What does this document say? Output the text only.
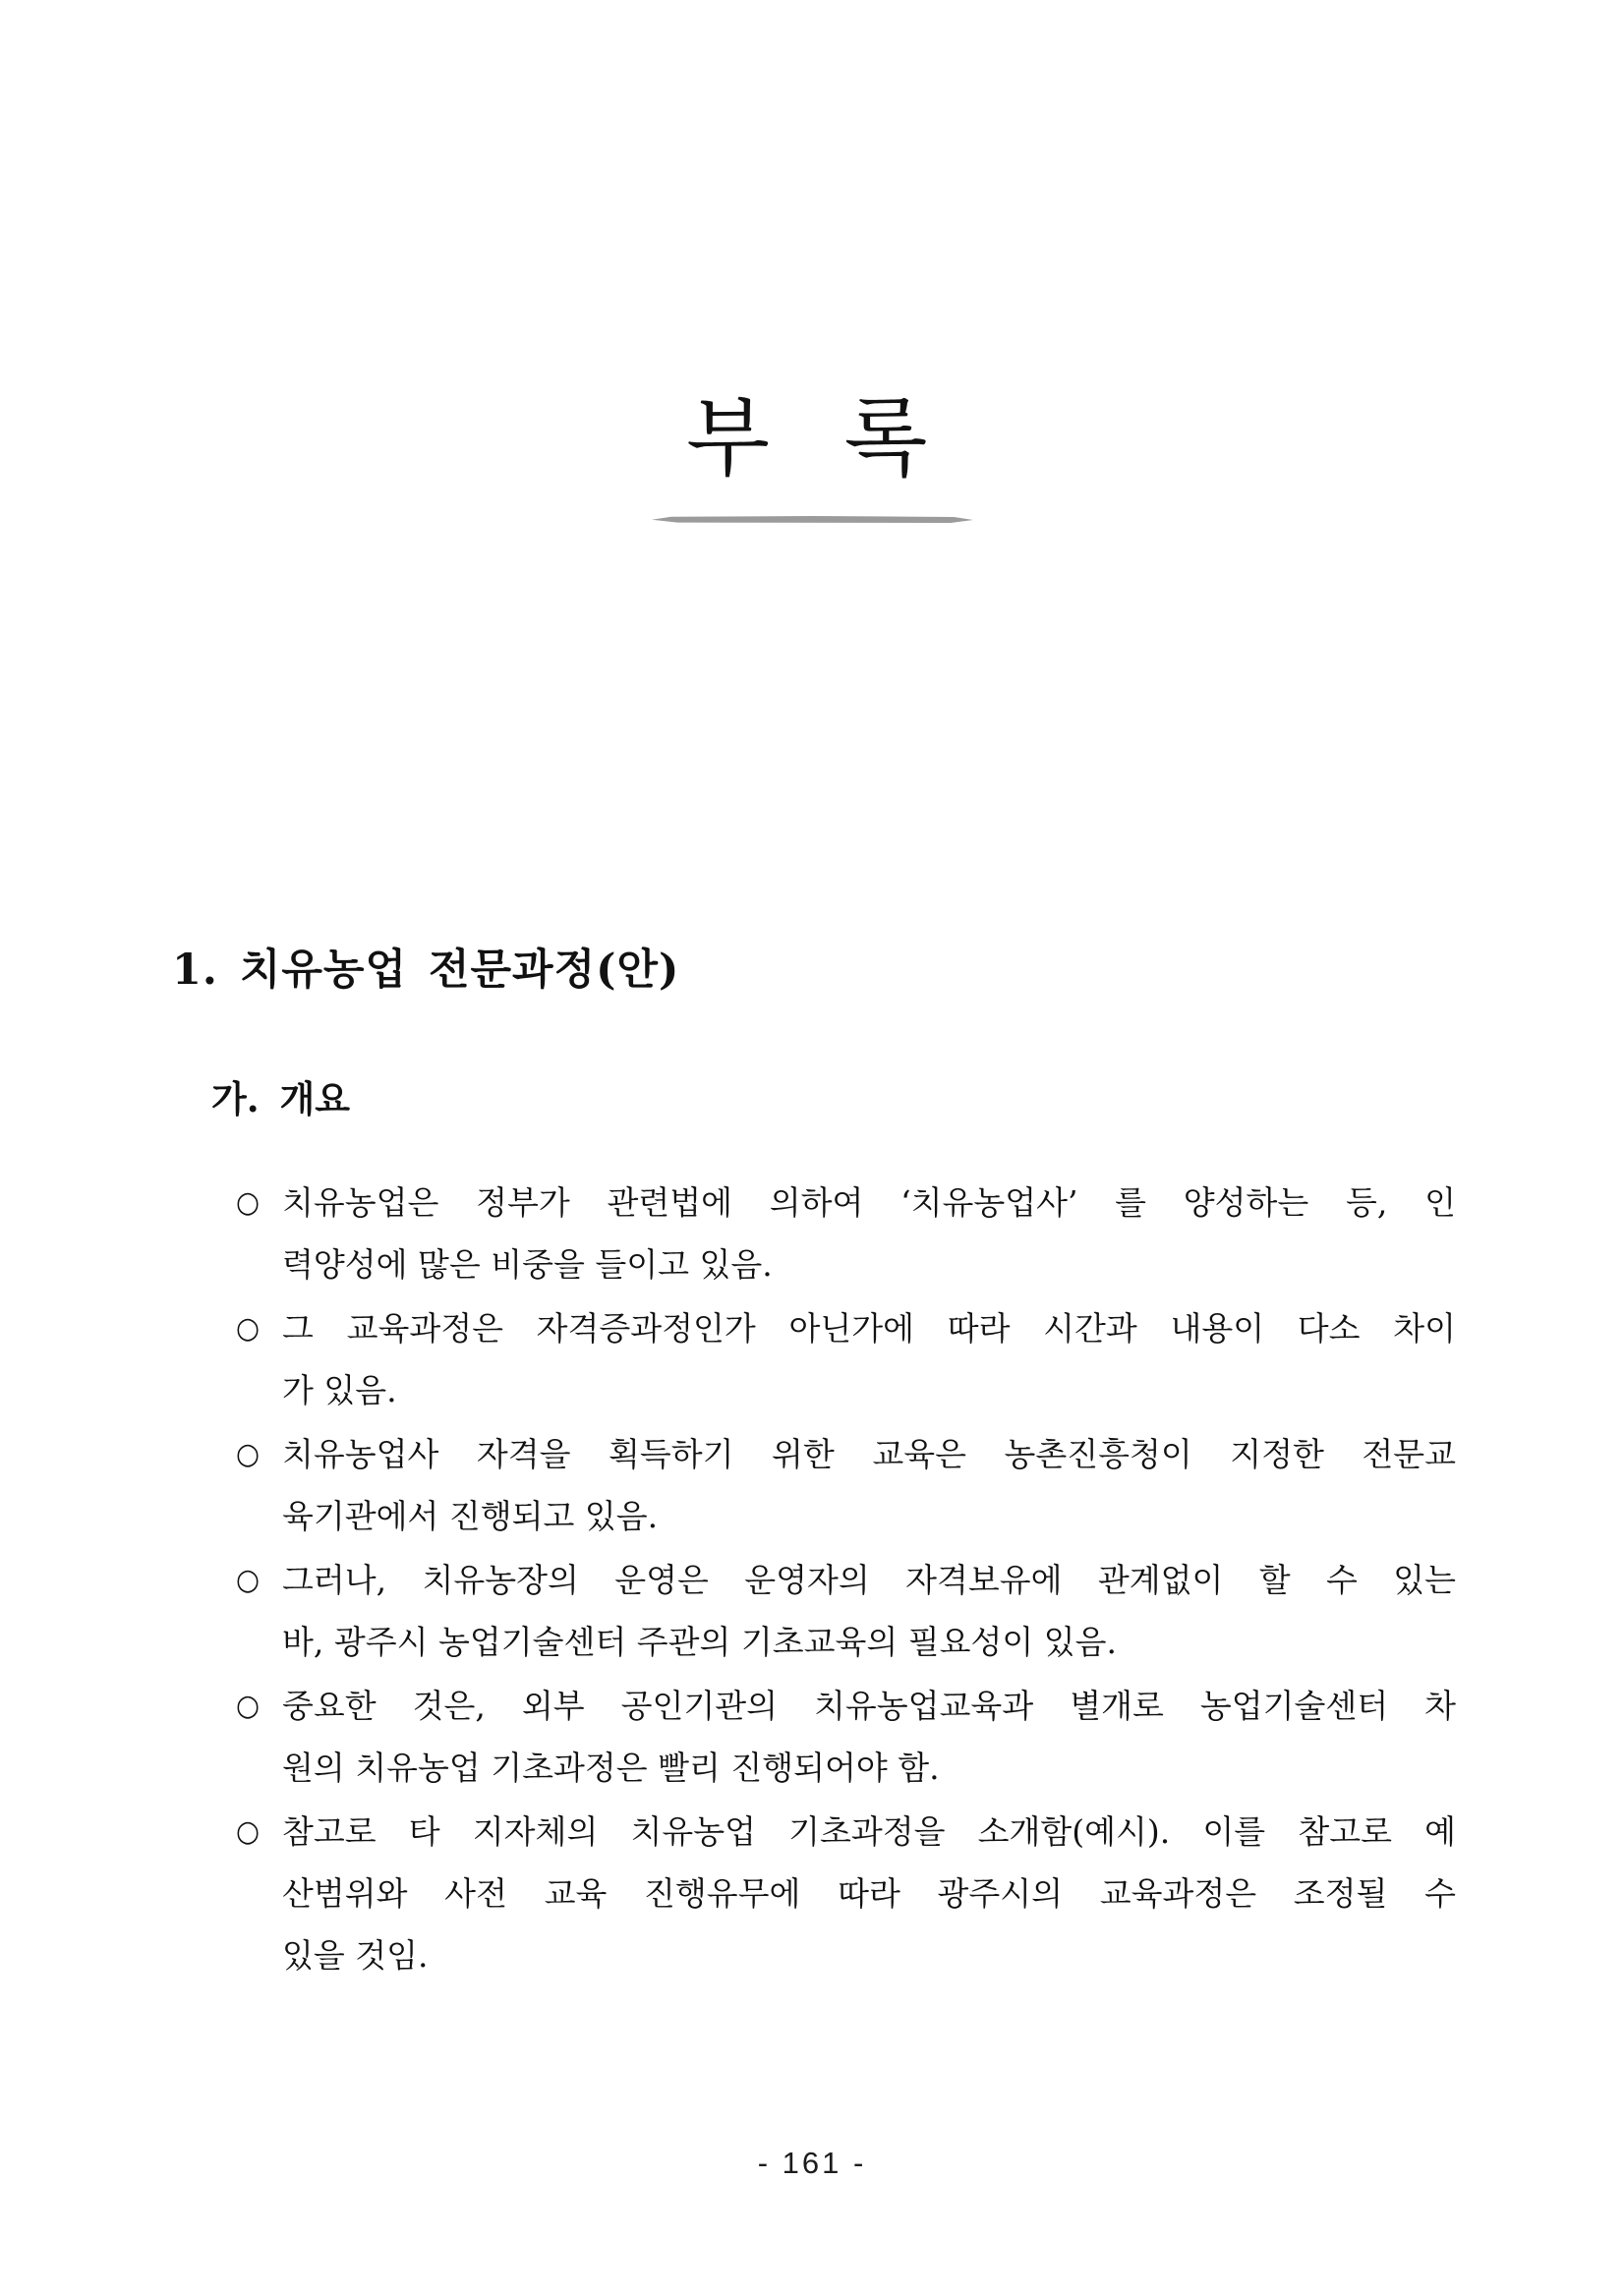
부 록
1. 치유농업 전문과정(안)
가. 개요
○ 치유농업은 정부가 관련법에 의하여 ‘치유농업사’ 를 양성하는 등, 인
력양성에 많은 비중을 들이고 있음.
○ 그 교육과정은 자격증과정인가 아닌가에 따라 시간과 내용이 다소 차이
가 있음.
○ 치유농업사 자격을 획득하기 위한 교육은 농촌진흥청이 지정한 전문교
육기관에서 진행되고 있음.
○ 그러나, 치유농장의 운영은 운영자의 자격보유에 관계없이 할 수 있는
바, 광주시 농업기술센터 주관의 기초교육의 필요성이 있음.
○ 중요한 것은, 외부 공인기관의 치유농업교육과 별개로 농업기술센터 차
원의 치유농업 기초과정은 빨리 진행되어야 함.
○ 참고로 타 지자체의 치유농업 기초과정을 소개함(예시). 이를 참고로 예
산범위와 사전 교육 진행유무에 따라 광주시의 교육과정은 조정될 수
있을 것임.
- 161 -
